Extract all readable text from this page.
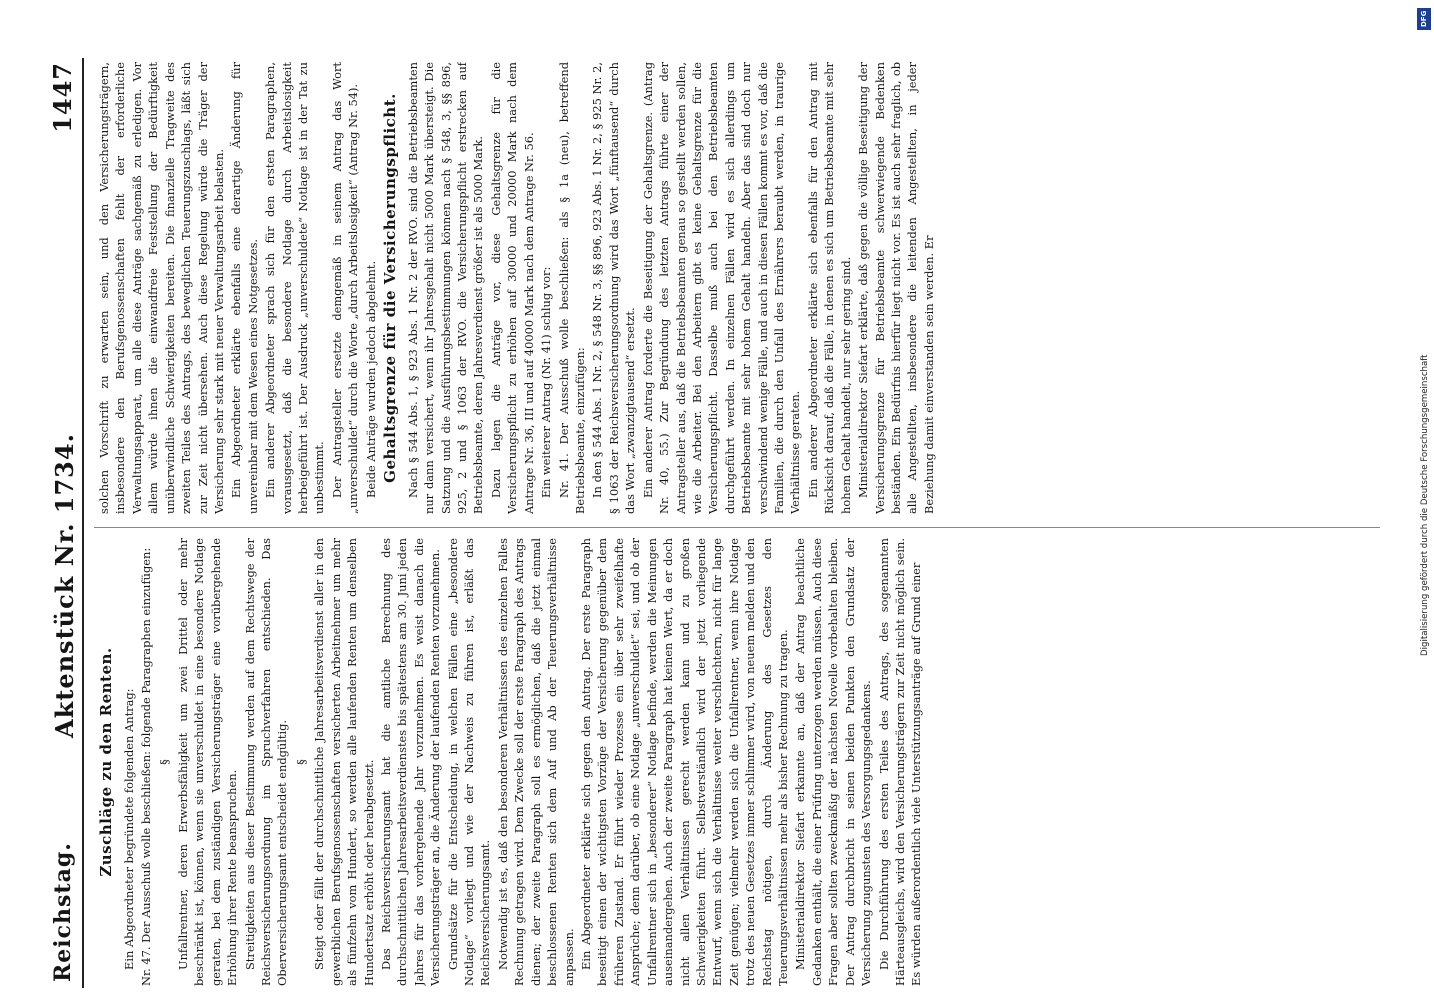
Reichstag.
Aktenstück Nr. 1734.
1447
Zuschläge zu den Renten. Ein Abgeordneter begründete folgenden Antrag: Nr. 47. Der Ausschuß wolle beschließen: folgende Paragraphen einzufügen: § Unfallrentner, deren Erwerbsfähigkeit um zwei Drittel oder mehr beschränkt ist, können, wenn sie unverschuldet in eine besondere Notlage geraten, bei dem zuständigen Versicherungsträger eine vorübergehende Erhöhung ihrer Rente beanspruchen. Streitigkeiten aus dieser Bestimmung werden auf dem Rechtswege der Reichsversicherungsordnung im Spruchverfahren entschieden. Das Oberversicherungsamt entscheidet endgültig. § Steigt oder fällt der durchschnittliche Jahresarbeitsverdienst aller in den gewerblichen Berufsgenossenschaften versicherten Arbeitnehmer um mehr als fünfzehn vom Hundert, so werden alle laufenden Renten um denselben Hundertsatz erhöht oder herabgesetzt. Das Reichsversicherungsamt hat die amtliche Berechnung des durchschnittlichen Jahresarbeitsverdienstes bis spätestens am 30. Juni jeden Jahres für das vorhergehende Jahr vorzunehmen. Es weist danach die Versicherungsträger an, die Änderung der laufenden Renten vorzunehmen. Grundsätze für die Entscheidung, in welchen Fällen eine „besondere Notlage“ vorliegt und wie der Nachweis zu führen ist, erläßt das Reichsversicherungsamt. Notwendig ist es, daß den besonderen Verhältnissen des einzelnen Falles Rechnung getragen wird. Dem Zwecke soll der erste Paragraph des Antrags dienen; der zweite Paragraph soll es ermöglichen, daß die jetzt einmal beschlossenen Renten sich dem Auf und Ab der Teuerungsverhältnisse anpassen. Ein Abgeordneter erklärte sich gegen den Antrag. Der erste Paragraph beseitigt einen der wichtigsten Vorzüge der Versicherung gegenüber dem früheren Zustand. Er führt wieder Prozesse ein über sehr zweifelhafte Ansprüche; denn darüber, ob eine Notlage „unverschuldet“ sei, und ob der Unfallrentner sich in „besonderer“ Notlage befinde, werden die Meinungen auseinandergehen. Auch der zweite Paragraph hat keinen Wert, da er doch nicht allen Verhältnissen gerecht werden kann und zu großen Schwierigkeiten führt. Selbstverständlich wird der jetzt vorliegende Entwurf, wenn sich die Verhältnisse weiter verschlechtern, nicht für lange Zeit genügen; vielmehr werden sich die Unfallrentner, wenn ihre Notlage trotz des neuen Gesetzes immer schlimmer wird, von neuem melden und den Reichstag nötigen, durch Änderung des Gesetzes den Teuerungsverhältnissen mehr als bisher Rechnung zu tragen. Ministerialdirektor Siefart erkannte an, daß der Antrag beachtliche Gedanken enthält, die einer Prüfung unterzogen werden müssen. Auch diese Fragen aber sollten zweckmäßig der nächsten Novelle vorbehalten bleiben. Der Antrag durchbricht in seinen beiden Punkten den Grundsatz der Versicherung zugunsten des Versorgungsgedankens. Die Durchführung des ersten Teiles des Antrags, des sogenannten Härteausgleichs, wird den Versicherungsträgern zur Zeit nicht möglich sein. Es würden außerordentlich viele Unterstützungsanträge auf Grund einer

solchen Vorschrift zu erwarten sein, und den Versicherungsträgern, insbesondere den Berufsgenossenschaften fehlt der erforderliche Verwaltungsapparat, um alle diese Anträge sachgemäß zu erledigen. Vor allem würde ihnen die einwandfreie Feststellung der Bedürftigkeit unüberwindliche Schwierigkeiten bereiten. Die finanzielle Tragweite des zweiten Teiles des Antrags, des beweglichen Teuerungszuschlags, läßt sich zur Zeit nicht übersehen. Auch diese Regelung würde die Träger der Versicherung sehr stark mit neuer Verwaltungsarbeit belasten. Ein Abgeordneter erklärte ebenfalls eine derartige Änderung für unvereinbar mit dem Wesen eines Notgesetzes. Ein anderer Abgeordneter sprach sich für den ersten Paragraphen, vorausgesetzt, daß die besondere Notlage durch Arbeitslosigkeit herbeigeführt ist. Der Ausdruck „unverschuldete“ Notlage ist in der Tat zu unbestimmt. Der Antragsteller ersetzte demgemäß in seinem Antrag das Wort „unverschuldet“ durch die Worte „durch Arbeitslosigkeit“ (Antrag Nr. 54). Beide Anträge wurden jedoch abgelehnt. Gehaltsgrenze für die Versicherungspflicht. Nach § 544 Abs. 1, § 923 Abs. 1 Nr. 2 der RVO. sind die Betriebsbeamten nur dann versichert, wenn ihr Jahresgehalt nicht 5000 Mark übersteigt. Die Satzung und die Ausführungsbestimmungen können nach § 548, 3, §§ 896, 925, 2 und § 1063 der RVO. die Versicherungspflicht erstrecken auf Betriebsbeamte, deren Jahresverdienst größer ist als 5000 Mark. Dazu lagen die Anträge vor, diese Gehaltsgrenze für die Versicherungspflicht zu erhöhen auf 30000 und 20000 Mark nach dem Antrage Nr. 36, III und auf 40000 Mark nach dem Antrage Nr. 56. Ein weiterer Antrag (Nr. 41) schlug vor: Nr. 41. Der Ausschuß wolle beschließen: als § 1a (neu), betreffend Betriebsbeamte, einzufügen: In den § 544 Abs. 1 Nr. 2, § 548 Nr. 3, §§ 896, 923 Abs. 1 Nr. 2, § 925 Nr. 2, § 1063 der Reichsversicherungsordnung wird das Wort „fünftausend“ durch das Wort „zwanzigtausend“ ersetzt. Ein anderer Antrag forderte die Beseitigung der Gehaltsgrenze. (Antrag Nr. 40, 55.) Zur Begründung des letzten Antrags führte einer der Antragsteller aus, daß die Betriebsbeamten genau so gestellt werden sollen, wie die Arbeiter. Bei den Arbeitern gibt es keine Gehaltsgrenze für die Versicherungspflicht. Dasselbe muß auch bei den Betriebsbeamten durchgeführt werden. In einzelnen Fällen wird es sich allerdings um Betriebsbeamte mit sehr hohem Gehalt handeln. Aber das sind doch nur verschwindend wenige Fälle, und auch in diesen Fällen kommt es vor, daß die Familien, die durch den Unfall des Ernährers beraubt werden, in traurige Verhältnisse geraten. Ein anderer Abgeordneter erklärte sich ebenfalls für den Antrag mit Rücksicht darauf, daß die Fälle, in denen es sich um Betriebsbeamte mit sehr hohem Gehalt handelt, nur sehr gering sind. Ministerialdirektor Siefart erklärte, daß gegen die völlige Beseitigung der Versicherungsgrenze für Betriebsbeamte schwerwiegende Bedenken beständen. Ein Bedürfnis hierfür liegt nicht vor. Es ist auch sehr fraglich, ob alle Angestellten, insbesondere die leitenden Angestellten, in jeder Beziehung damit einverstanden sein werden. Er

DFG
Digitalisierung gefördert durch die Deutsche Forschungsgemeinschaft
